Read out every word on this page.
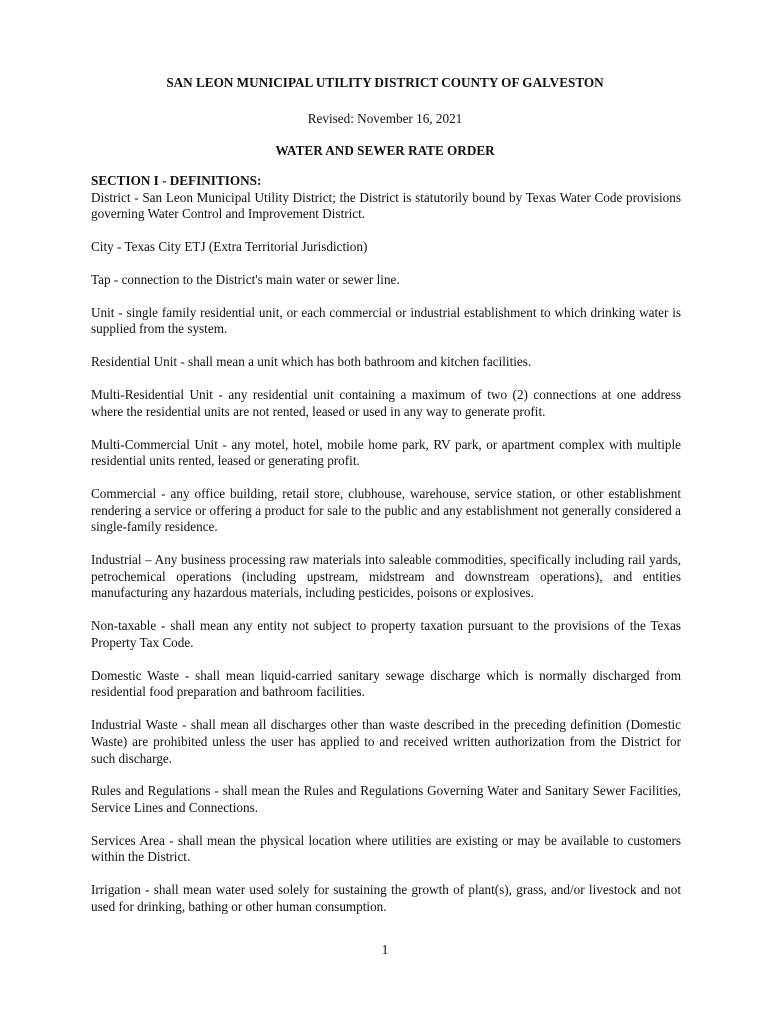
SAN LEON MUNICIPAL UTILITY DISTRICT COUNTY OF GALVESTON
Revised: November 16, 2021
WATER AND SEWER RATE ORDER
SECTION I - DEFINITIONS:

District - San Leon Municipal Utility District; the District is statutorily bound by Texas Water Code provisions governing Water Control and Improvement District.

City - Texas City ETJ (Extra Territorial Jurisdiction)

Tap - connection to the District's main water or sewer line.

Unit - single family residential unit, or each commercial or industrial establishment to which drinking water is supplied from the system.

Residential Unit - shall mean a unit which has both bathroom and kitchen facilities.

Multi-Residential Unit - any residential unit containing a maximum of two (2) connections at one address where the residential units are not rented, leased or used in any way to generate profit.

Multi-Commercial Unit - any motel, hotel, mobile home park, RV park, or apartment complex with multiple residential units rented, leased or generating profit.

Commercial - any office building, retail store, clubhouse, warehouse, service station, or other establishment rendering a service or offering a product for sale to the public and any establishment not generally considered a single-family residence.

Industrial – Any business processing raw materials into saleable commodities, specifically including rail yards, petrochemical operations (including upstream, midstream and downstream operations), and entities manufacturing any hazardous materials, including pesticides, poisons or explosives.

Non-taxable - shall mean any entity not subject to property taxation pursuant to the provisions of the Texas Property Tax Code.

Domestic Waste - shall mean liquid-carried sanitary sewage discharge which is normally discharged from residential food preparation and bathroom facilities.

Industrial Waste - shall mean all discharges other than waste described in the preceding definition (Domestic Waste) are prohibited unless the user has applied to and received written authorization from the District for such discharge.

Rules and Regulations - shall mean the Rules and Regulations Governing Water and Sanitary Sewer Facilities, Service Lines and Connections.

Services Area - shall mean the physical location where utilities are existing or may be available to customers within the District.

Irrigation - shall mean water used solely for sustaining the growth of plant(s), grass, and/or livestock and not used for drinking, bathing or other human consumption.

1
